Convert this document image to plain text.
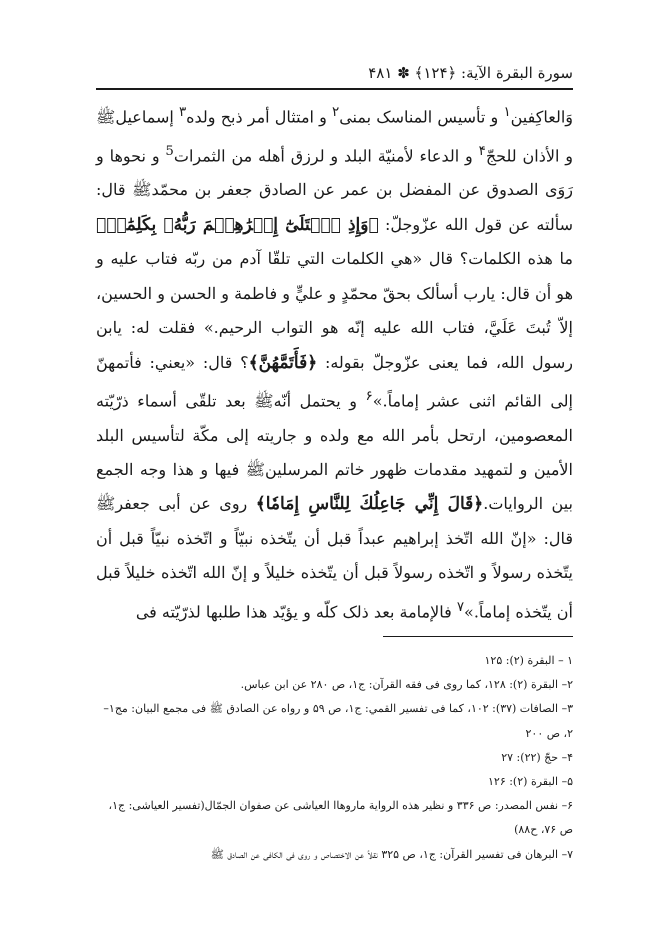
سورة البقرة الآية: ﴿۱۲۴﴾ ✽ ۴۸۱

وَالعاكِفين$^۱$ و تأسيس المناسک بمنى$^۲$ و امتثال أمر ذبح ولده$^۳$ إسماعيلﷺ و الأذان للحجّ$^۴$ و الدعاء لأمنيّة البلد و لرزق أهله من الثمرات$^5$ و نحوها و رَوَى الصدوق عن المفضل بن عمر عن الصادق جعفر بن محمّدﷺ قال: سألته عن قول الله عزّوجلّ: ﴿وَإِذِ ٱبۡتَلَىٰٓ إِبۡرَٰهِـۧمَ رَبُّهُۥ بِكَلِمَٰتٖ﴾ ما هذه الكلمات؟ قال «هي الكلمات التي تلقّا آدم من ربّه فتاب عليه و هو أن قال: يارب أسألک بحقّ محمّدٍ و عليٍّ و فاطمة و الحسن و الحسين، إلاّ تُبتَ عَلَيَّ، فتاب الله عليه إنّه هو التواب الرحيم.» فقلت له: يابن رسول الله، فما يعنى عزّوجلّ بقوله: ﴿فَأَتَمَّهُنَّ﴾؟ قال: «يعني: فأتمهنّ إلى القائم اثنى عشر إماماً.»$^۶$ و يحتمل أنّهﷺ بعد تلقّى أسماء ذرّيّته المعصومين، ارتحل بأمر الله مع ولده و جاريته إلى مكّة لتأسيس البلد الأمين و لتمهيد مقدمات ظهور خاتم المرسلينﷺ فيها و هذا وجه الجمع بين الروايات.﴿قَالَ إِنِّي جَاعِلُكَ لِلنَّاسِ إِمَامٗا﴾ روى عن أبى جعفرﷺ قال: «إنّ الله اتّخذ إبراهيم عبداً قبل أن يتّخذه نبيّاً و اتّخذه نبيّاً قبل أن يتّخذه رسولاً و اتّخذه رسولاً قبل أن يتّخذه خليلاً و إنّ الله اتّخذه خليلاً قبل أن يتّخذه إماماً.»$^۷$ فالإمامة بعد ذلک كلّه و يؤيّد هذا طلبها لذرّيّته فى

۱ – البقرة (۲): ۱۲۵

۲– البقرة (۲): ۱۲۸، كما روى فى فقه القرآن: ج۱، ص ۲۸۰ عن ابن عباس.

۳– الصافات (۳۷): ۱۰۲، كما فى تفسير القمي: ج۱، ص ۵۹ و رواه عن الصادق ﷺ فى مجمع البيان: مج۱–۲، ص ۲۰۰

۴– حجّ (۲۲): ۲۷

۵– البقرة (۲): ۱۲۶

۶– نفس المصدر: ص ۳۳۶ و نظير هذه الرواية ماروهاا العياشى عن صفوان الجمّال(تفسير العياشى: ج۱، ص ۷۶، ح۸۸)

۷– البرهان فى تفسير القرآن: ج۱، ص ۳۲۵ نقلاً عن الاختصاص و روى فى الكافى عن الصادق ﷺ
